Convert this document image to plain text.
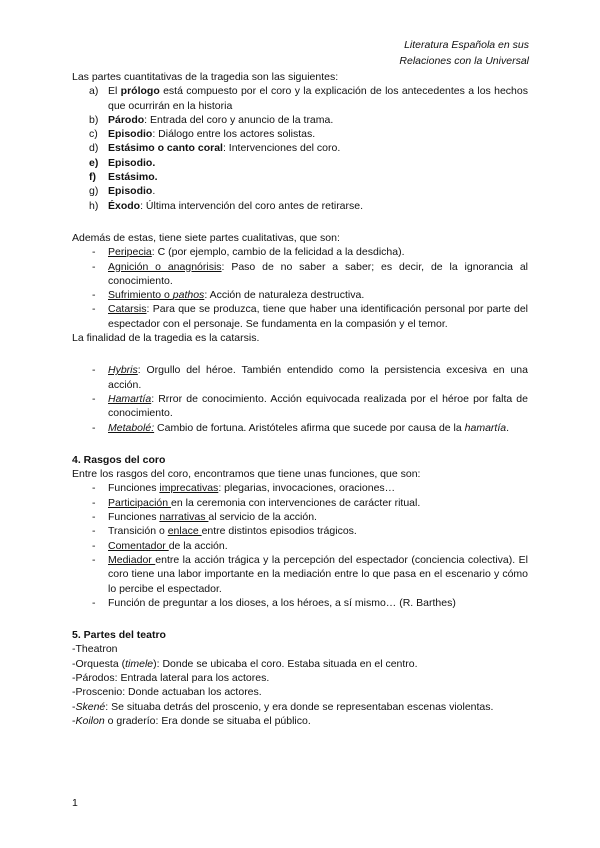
Literatura Española en sus
Relaciones con la Universal

Las partes cuantitativas de la tragedia son las siguientes:

a) El prólogo está compuesto por el coro y la explicación de los antecedentes a los hechos que ocurrirán en la historia
b) Párodo: Entrada del coro y anuncio de la trama.
c) Episodio: Diálogo entre los actores solistas.
d) Estásimo o canto coral: Intervenciones del coro.
e) Episodio.
f) Estásimo.
g) Episodio.
h) Éxodo: Última intervención del coro antes de retirarse.

Además de estas, tiene siete partes cualitativas, que son:

- Peripecia: C (por ejemplo, cambio de la felicidad a la desdicha).
- Agnición o anagnórisis: Paso de no saber a saber; es decir, de la ignorancia al conocimiento.
- Sufrimiento o pathos: Acción de naturaleza destructiva.
- Catarsis: Para que se produzca, tiene que haber una identificación personal por parte del espectador con el personaje. Se fundamenta en la compasión y el temor.

La finalidad de la tragedia es la catarsis.

- Hybris: Orgullo del héroe. También entendido como la persistencia excesiva en una acción.
- Hamartía: Rrror de conocimiento. Acción equivocada realizada por el héroe por falta de conocimiento.
- Metabolé: Cambio de fortuna. Aristóteles afirma que sucede por causa de la hamartía.
4. Rasgos del coro

Entre los rasgos del coro, encontramos que tiene unas funciones, que son:

- Funciones imprecativas: plegarias, invocaciones, oraciones…
- Participación en la ceremonia con intervenciones de carácter ritual.
- Funciones narrativas al servicio de la acción.
- Transición o enlace entre distintos episodios trágicos.
- Comentador de la acción.
- Mediador entre la acción trágica y la percepción del espectador (conciencia colectiva). El coro tiene una labor importante en la mediación entre lo que pasa en el escenario y cómo lo percibe el espectador.
- Función de preguntar a los dioses, a los héroes, a sí mismo… (R. Barthes)
5. Partes del teatro

-Theatron

-Orquesta (timele): Donde se ubicaba el coro. Estaba situada en el centro.

-Párodos: Entrada lateral para los actores.

-Proscenio: Donde actuaban los actores.

-Skené: Se situaba detrás del proscenio, y era donde se representaban escenas violentas.

-Koilon o graderío: Era donde se situaba el público.

1
